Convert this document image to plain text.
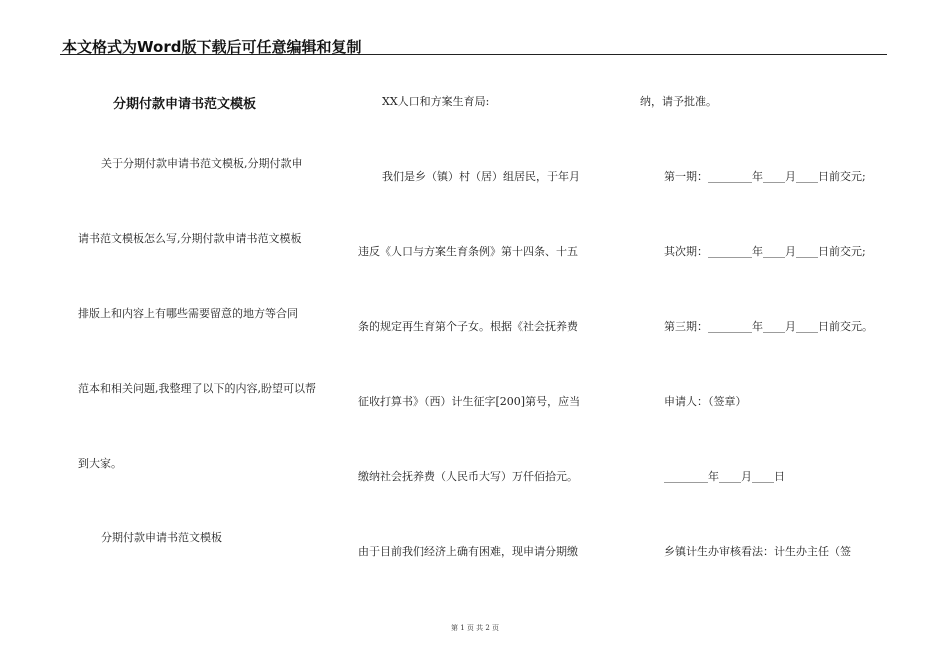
本文格式为Word版下载后可任意编辑和复制
分期付款申请书范文模板
关于分期付款申请书范文模板,分期付款申
请书范文模板怎么写,分期付款申请书范文模板
排版上和内容上有哪些需要留意的地方等合同
范本和相关问题,我整理了以下的内容,盼望可以帮
到大家。
分期付款申请书范文模板
XX人口和方案生育局:
我们是乡（镇）村（居）组居民，于年月
违反《人口与方案生育条例》第十四条、十五
条的规定再生育第个子女。根据《社会抚养费
征收打算书》（西）计生征字[200]第号，应当
缴纳社会抚养费（人民币大写）万仟佰拾元。
由于目前我们经济上确有困难，现申请分期缴
纳，请予批准。
第一期：________年____月____日前交元;
其次期：________年____月____日前交元;
第三期：________年____月____日前交元。
申请人：（签章）
________年____月____日
乡镇计生办审核看法：计生办主任（签
第 1 页 共 2 页
